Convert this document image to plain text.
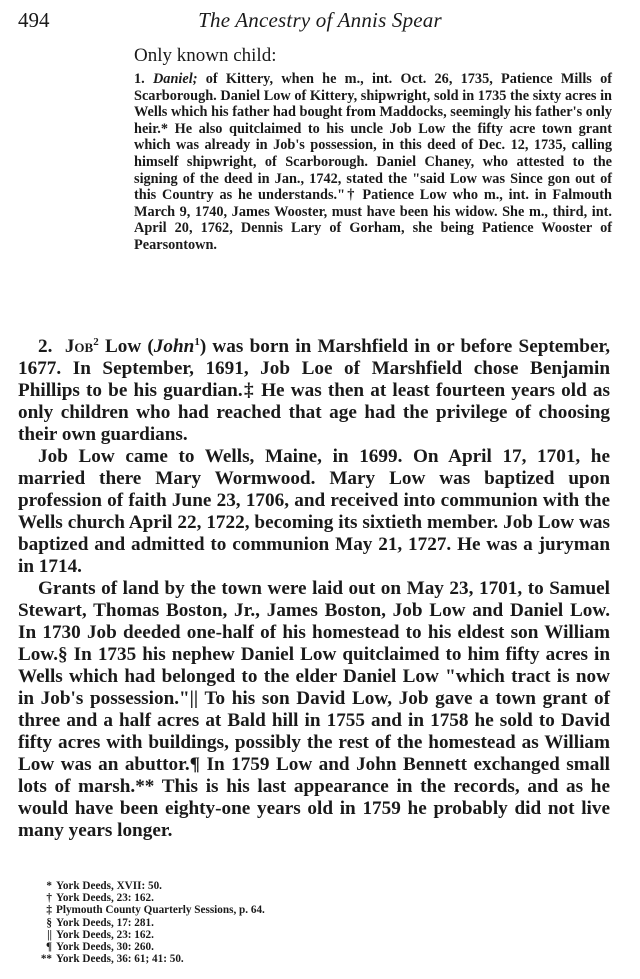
494	The Ancestry of Annis Spear
Only known child:

1. Daniel; of Kittery, when he m., int. Oct. 26, 1735, Patience Mills of Scarborough. Daniel Low of Kittery, shipwright, sold in 1735 the sixty acres in Wells which his father had bought from Maddocks, seemingly his father's only heir.* He also quitclaimed to his uncle Job Low the fifty acre town grant which was already in Job's possession, in this deed of Dec. 12, 1735, calling himself shipwright, of Scarborough. Daniel Chaney, who attested to the signing of the deed in Jan., 1742, stated the "said Low was Since gon out of this Country as he understands."† Patience Low who m., int. in Falmouth March 9, 1740, James Wooster, must have been his widow. She m., third, int. April 20, 1762, Dennis Lary of Gorham, she being Patience Wooster of Pearsontown.

2. Job$^2$ Low (John$^1$) was born in Marshfield in or before September, 1677. In September, 1691, Job Loe of Marshfield chose Benjamin Phillips to be his guardian.‡ He was then at least fourteen years old as only children who had reached that age had the privilege of choosing their own guardians.

Job Low came to Wells, Maine, in 1699. On April 17, 1701, he married there Mary Wormwood. Mary Low was baptized upon profession of faith June 23, 1706, and received into communion with the Wells church April 22, 1722, becoming its sixtieth member. Job Low was baptized and admitted to communion May 21, 1727. He was a juryman in 1714.

Grants of land by the town were laid out on May 23, 1701, to Samuel Stewart, Thomas Boston, Jr., James Boston, Job Low and Daniel Low. In 1730 Job deeded one-half of his homestead to his eldest son William Low.§ In 1735 his nephew Daniel Low quitclaimed to him fifty acres in Wells which had belonged to the elder Daniel Low "which tract is now in Job's possession."|| To his son David Low, Job gave a town grant of three and a half acres at Bald hill in 1755 and in 1758 he sold to David fifty acres with buildings, possibly the rest of the homestead as William Low was an abuttor.¶ In 1759 Low and John Bennett exchanged small lots of marsh.** This is his last appearance in the records, and as he would have been eighty-one years old in 1759 he probably did not live many years longer.

* York Deeds, XVII: 50.
† York Deeds, 23: 162.
‡ Plymouth County Quarterly Sessions, p. 64.
§ York Deeds, 17: 281.
|| York Deeds, 23: 162.
¶ York Deeds, 30: 260.
** York Deeds, 36: 61; 41: 50.
